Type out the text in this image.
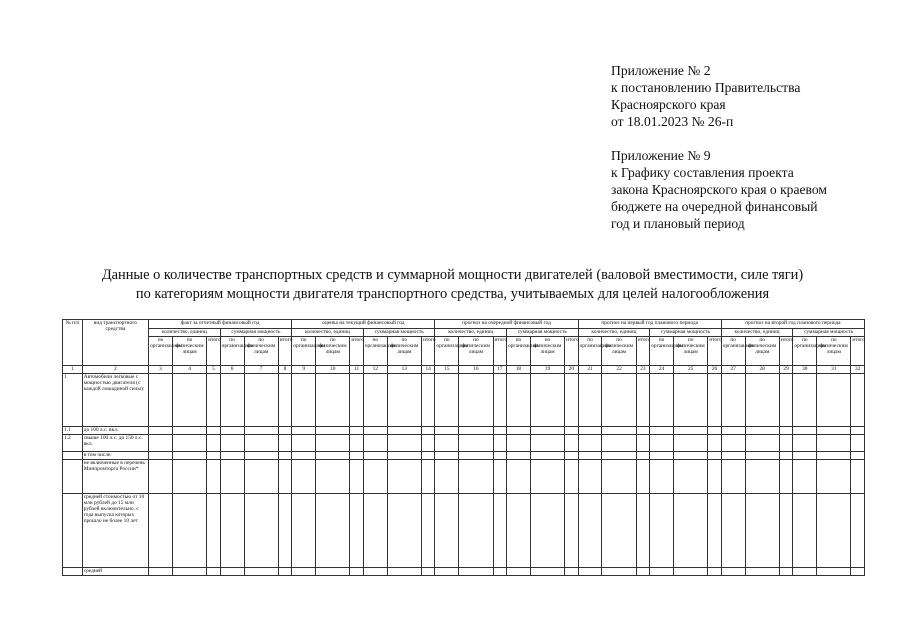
Приложение № 2
к постановлению Правительства
Красноярского края
от 18.01.2023 № 26-п
Приложение № 9
к Графику составления проекта
закона Красноярского края о краевом
бюджете на очередной финансовый
год и плановый период
Данные о количестве транспортных средств и суммарной мощности двигателей (валовой вместимости, силе тяги)
по категориям мощности двигателя транспортного средства, учитываемых для целей налогообложения
№ п/п	вид транспортного средства	факт за отчетный финансовый год						оценка на текущий финансовый год						прогноз на очередной финансовый год						прогноз на первый год планового периода						прогноз на второй год планового периода					
		количество, единиц			суммарная мощность			количество, единиц			суммарная мощность			количество, единиц			суммарная мощность			количество, единиц			суммарная мощность			количество, единиц			суммарная мощность		
		по организациям	по физическим лицам	итого	по организациям	по физическим лицам	итого	по организациям	по физическим лицам	итого	по организациям	по физическим лицам	итого	по организациям	по физическим лицам	итого	по организациям	по физическим лицам	итого	по организациям	по физическим лицам	итого	по организациям	по физическим лицам	итого	по организациям	по физическим лицам	итого	по организациям	по физическим лицам	итого
1	2	3	4	5	6	7	8	9	10	11	12	13	14	15	16	17	18	19	20	21	22	23	24	25	26	27	28	29	30	31	32
1	Автомобили легковые с мощностью двигателя (с каждой лошадиной силы):																														
1.1	до 100 л.с. вкл.																														
1.2	свыше 100 л.с. до 150 л.с. вкл.																														
	в том числе:																														
	не включенные в перечень Минпромторга России*																														
	средней стоимостью от 10 млн рублей до 15 млн рублей включительно, с года выпуска которых прошло не более 10 лет																														
	средней																														
